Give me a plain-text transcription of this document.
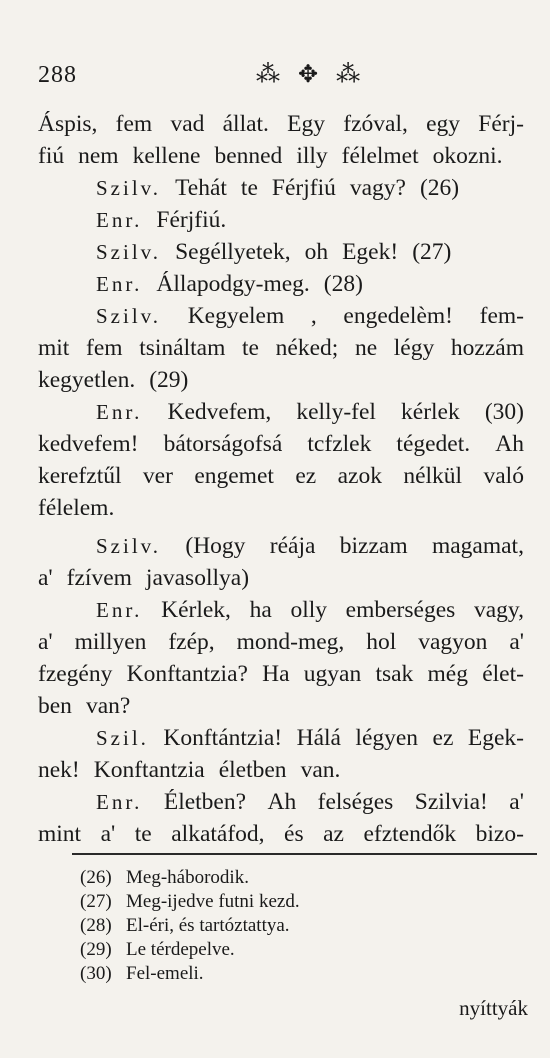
288	⁂ ✥ ⁂
Áspis, fem vad állat. Egy fzóval, egy Férj-
fiú nem kellene benned illy félelmet okozni.
Szilv. Tehát te Férjfiú vagy? (26)
Enr. Férjfiú.
Szilv. Segéllyetek, oh Egek! (27)
Enr. Állapodgy-meg. (28)
Szilv. Kegyelem , engedelèm! fem-
mit fem tsináltam te néked; ne légy hozzám
kegyetlen. (29)
Enr. Kedvefem, kelly-fel kérlek (30)
kedvefem! bátorságofsá tcfzlek tégedet. Ah
kerefztűl ver engemet ez azok nélkül való
félelem.
Szilv. (Hogy réája bizzam magamat,
a' fzívem javasollya)
Enr. Kérlek, ha olly emberséges vagy,
a' millyen fzép, mond-meg, hol vagyon a'
fzegény Konftantzia? Ha ugyan tsak még élet-
ben van?
Szil. Konftántzia! Hálá légyen ez Egek-
nek! Konftantzia életben van.
Enr. Életben? Ah felséges Szilvia! a'
mint a' te alkatáfod, és az efztendők bizo-
(26) Meg-háborodik.
(27) Meg-ijedve futni kezd.
(28) El-éri, és tartóztattya.
(29) Le térdepelve.
(30) Fel-emeli.
nyíttyák
